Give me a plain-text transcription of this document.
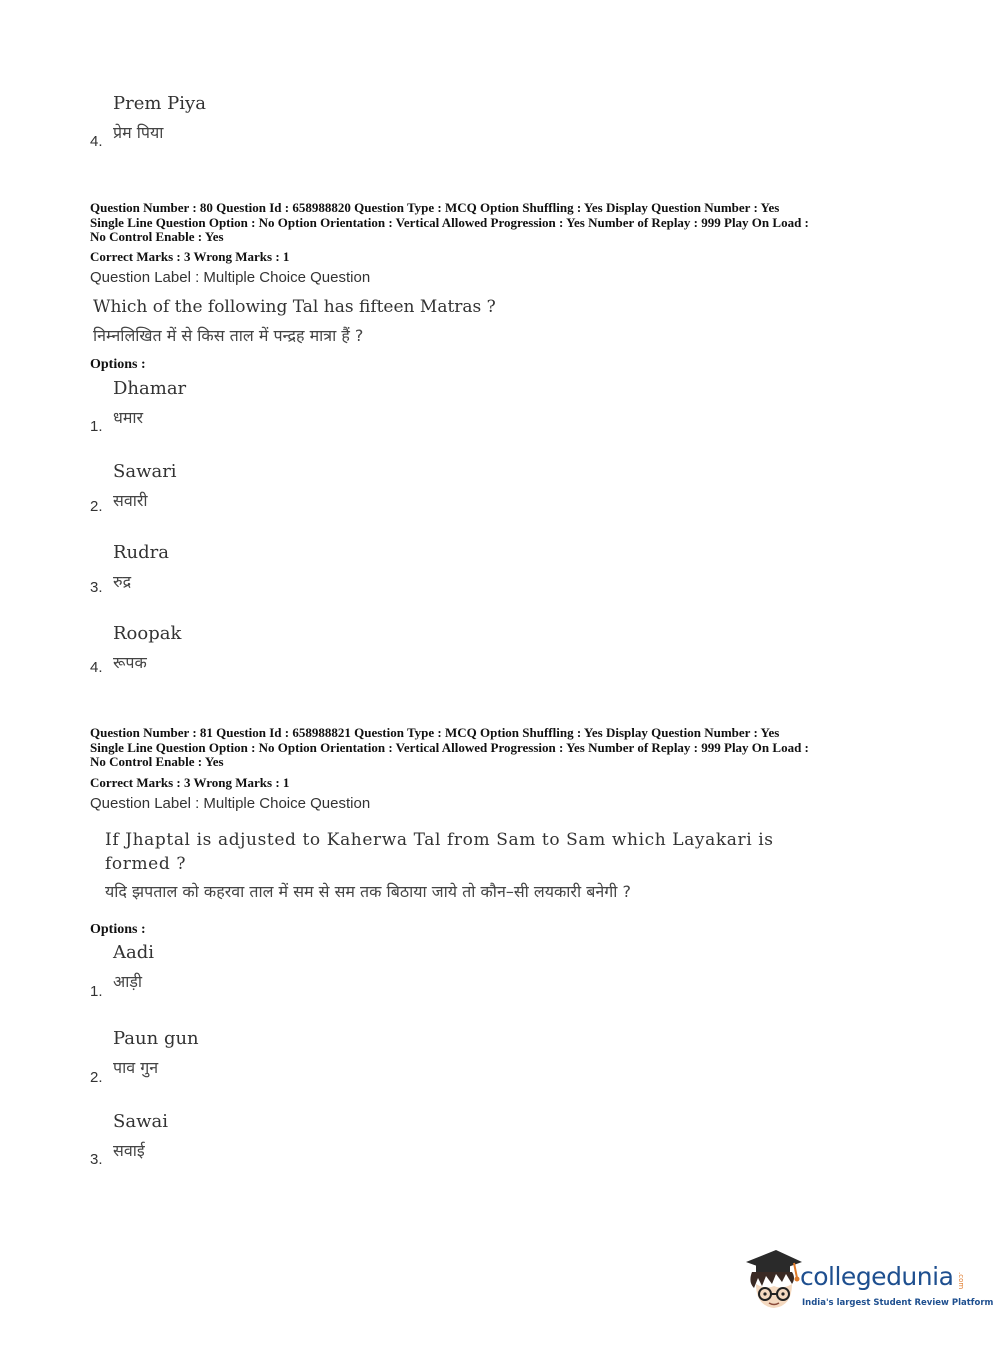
Prem Piya
प्रेम पिया
4.
Question Number : 80 Question Id : 658988820 Question Type : MCQ Option Shuffling : Yes Display Question Number : Yes
Single Line Question Option : No Option Orientation : Vertical Allowed Progression : Yes Number of Replay : 999 Play On Load :
No Control Enable : Yes
Correct Marks : 3 Wrong Marks : 1
Question Label : Multiple Choice Question
Which of the following Tal has fifteen Matras ?
निम्नलिखित में से किस ताल में पन्द्रह मात्रा हैं ?
Options :
Dhamar
धमार
1.
Sawari
सवारी
2.
Rudra
रुद्र
3.
Roopak
रूपक
4.
Question Number : 81 Question Id : 658988821 Question Type : MCQ Option Shuffling : Yes Display Question Number : Yes
Single Line Question Option : No Option Orientation : Vertical Allowed Progression : Yes Number of Replay : 999 Play On Load :
No Control Enable : Yes
Correct Marks : 3 Wrong Marks : 1
Question Label : Multiple Choice Question
If Jhaptal is adjusted to Kaherwa Tal from Sam to Sam which Layakari is
formed ?
यदि झपताल को कहरवा ताल में सम से सम तक बिठाया जाये तो कौन–सी लयकारी बनेगी ?
Options :
Aadi
आड़ी
1.
Paun gun
पाव गुन
2.
Sawai
सवाई
3.
collegedunia .com
India's largest Student Review Platform
